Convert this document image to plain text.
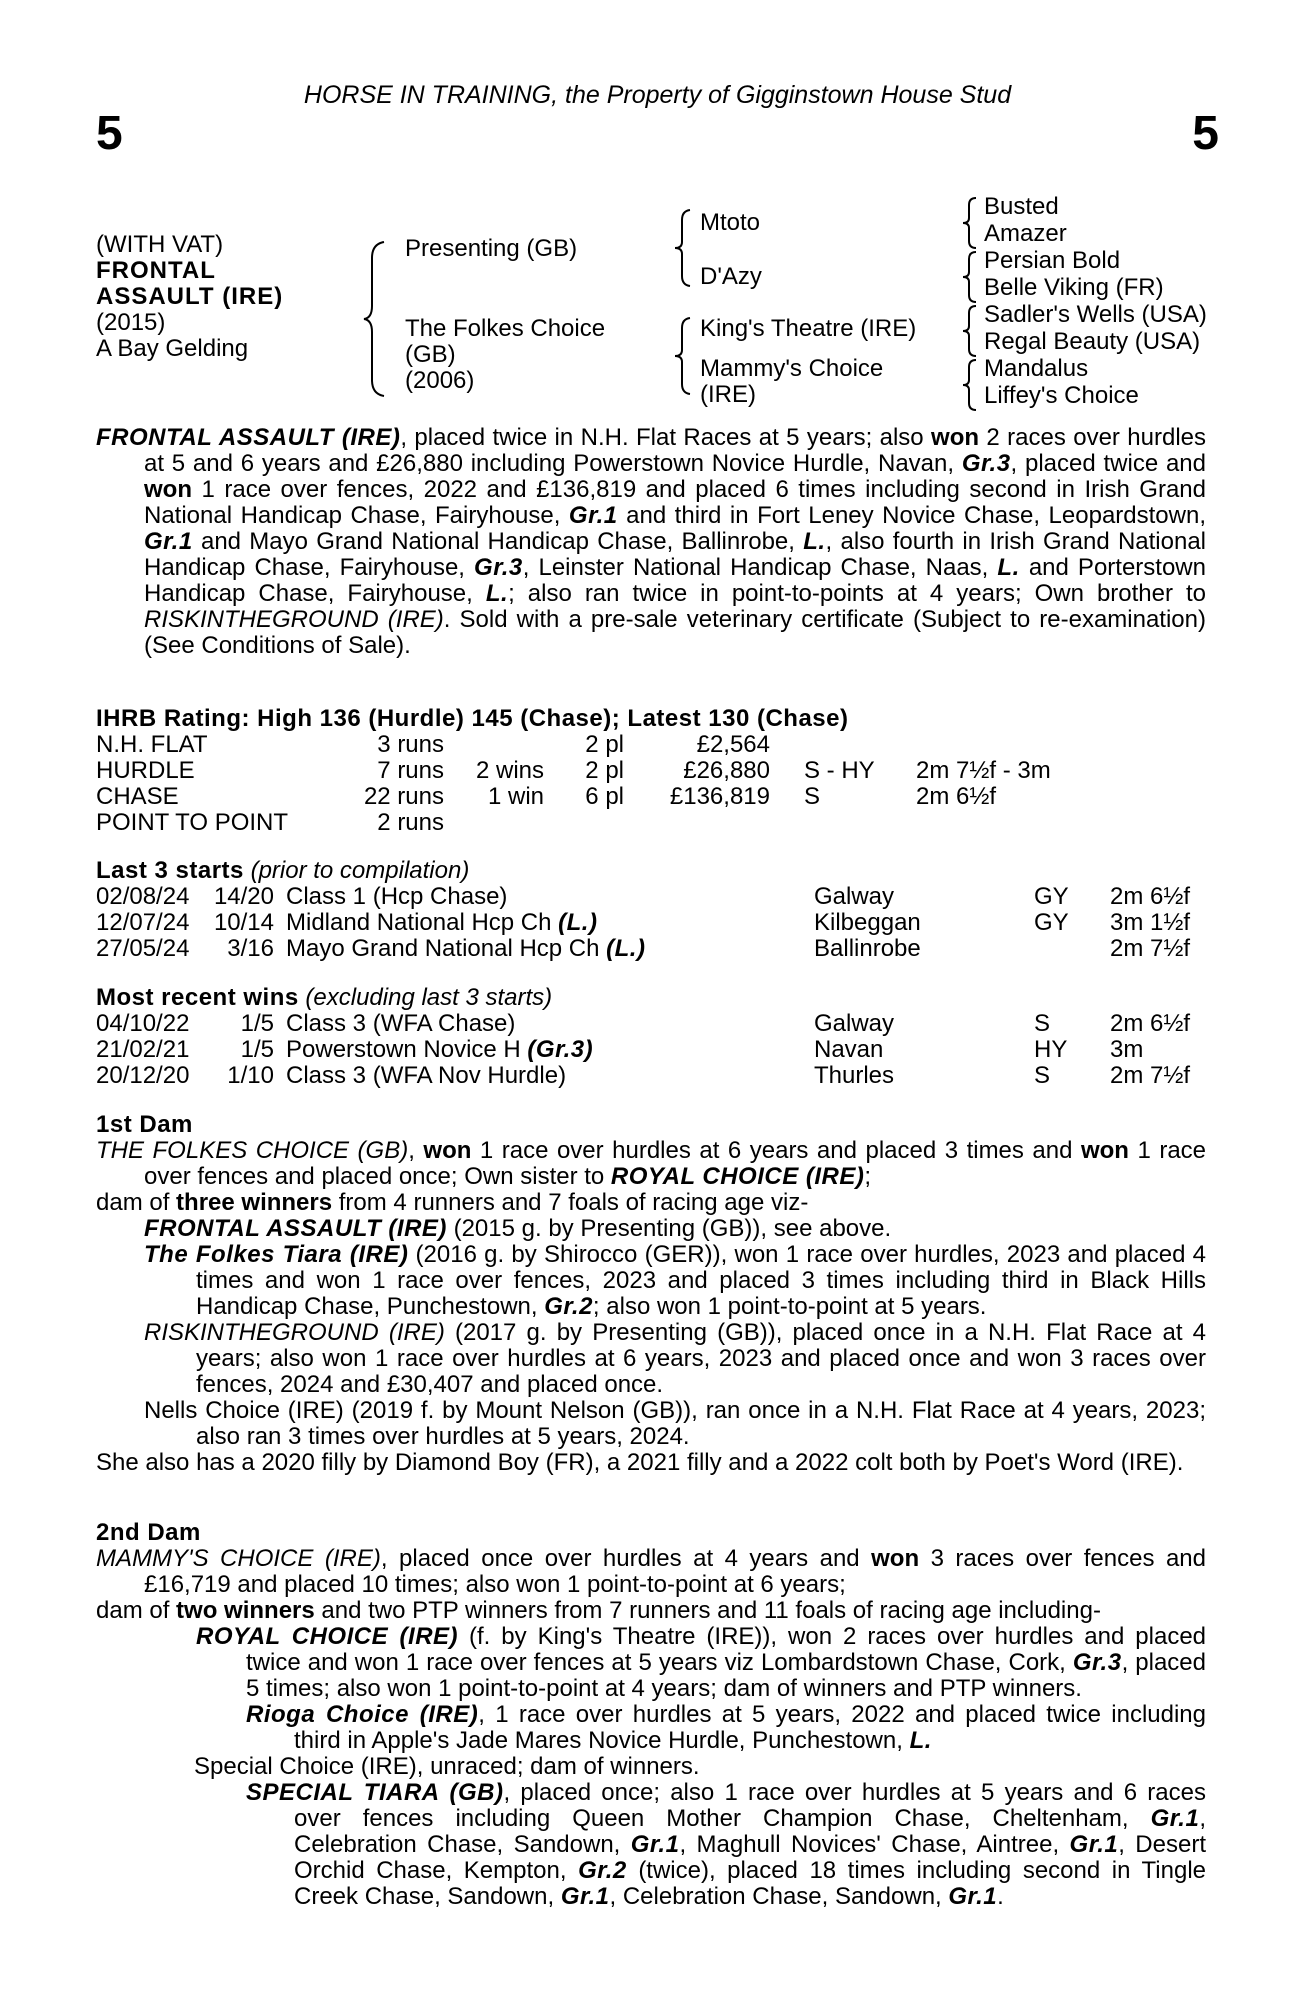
HORSE IN TRAINING, the Property of Gigginstown House Stud
5	5
(WITH VAT)
FRONTAL
ASSAULT (IRE)
(2015)
A Bay Gelding
Presenting (GB)
The Folkes Choice
(GB)
(2006)
Mtoto
D'Azy
King's Theatre (IRE)
Mammy's Choice
(IRE)
Busted
Amazer
Persian Bold
Belle Viking (FR)
Sadler's Wells (USA)
Regal Beauty (USA)
Mandalus
Liffey's Choice
FRONTAL ASSAULT (IRE), placed twice in N.H. Flat Races at 5 years; also won 2 races over hurdles at 5 and 6 years and £26,880 including Powerstown Novice Hurdle, Navan, Gr.3, placed twice and won 1 race over fences, 2022 and £136,819 and placed 6 times including second in Irish Grand National Handicap Chase, Fairyhouse, Gr.1 and third in Fort Leney Novice Chase, Leopardstown, Gr.1 and Mayo Grand National Handicap Chase, Ballinrobe, L., also fourth in Irish Grand National Handicap Chase, Fairyhouse, Gr.3, Leinster National Handicap Chase, Naas, L. and Porterstown Handicap Chase, Fairyhouse, L.; also ran twice in point-to-points at 4 years; Own brother to RISKINTHEGROUND (IRE). Sold with a pre-sale veterinary certificate (Subject to re-examination) (See Conditions of Sale).
IHRB Rating: High 136 (Hurdle) 145 (Chase); Latest 130 (Chase)
N.H. FLAT	3 runs		2 pl	£2,564		
HURDLE	7 runs	2 wins	2 pl	£26,880	S - HY	2m 7½f - 3m
CHASE	22 runs	1 win	6 pl	£136,819	S	2m 6½f
POINT TO POINT	2 runs					
Last 3 starts (prior to compilation)
02/08/24	14/20	Class 1 (Hcp Chase)	Galway	GY	2m 6½f
12/07/24	10/14	Midland National Hcp Ch (L.)	Kilbeggan	GY	3m 1½f
27/05/24	3/16	Mayo Grand National Hcp Ch (L.)	Ballinrobe		2m 7½f
Most recent wins (excluding last 3 starts)
04/10/22	1/5	Class 3 (WFA Chase)	Galway	S	2m 6½f
21/02/21	1/5	Powerstown Novice H (Gr.3)	Navan	HY	3m
20/12/20	1/10	Class 3 (WFA Nov Hurdle)	Thurles	S	2m 7½f
1st Dam
THE FOLKES CHOICE (GB), won 1 race over hurdles at 6 years and placed 3 times and won 1 race over fences and placed once; Own sister to ROYAL CHOICE (IRE);
dam of three winners from 4 runners and 7 foals of racing age viz-
FRONTAL ASSAULT (IRE) (2015 g. by Presenting (GB)), see above.
The Folkes Tiara (IRE) (2016 g. by Shirocco (GER)), won 1 race over hurdles, 2023 and placed 4 times and won 1 race over fences, 2023 and placed 3 times including third in Black Hills Handicap Chase, Punchestown, Gr.2; also won 1 point-to-point at 5 years.
RISKINTHEGROUND (IRE) (2017 g. by Presenting (GB)), placed once in a N.H. Flat Race at 4 years; also won 1 race over hurdles at 6 years, 2023 and placed once and won 3 races over fences, 2024 and £30,407 and placed once.
Nells Choice (IRE) (2019 f. by Mount Nelson (GB)), ran once in a N.H. Flat Race at 4 years, 2023; also ran 3 times over hurdles at 5 years, 2024.
She also has a 2020 filly by Diamond Boy (FR), a 2021 filly and a 2022 colt both by Poet's Word (IRE).
2nd Dam
MAMMY'S CHOICE (IRE), placed once over hurdles at 4 years and won 3 races over fences and £16,719 and placed 10 times; also won 1 point-to-point at 6 years;
dam of two winners and two PTP winners from 7 runners and 11 foals of racing age including-
ROYAL CHOICE (IRE) (f. by King's Theatre (IRE)), won 2 races over hurdles and placed twice and won 1 race over fences at 5 years viz Lombardstown Chase, Cork, Gr.3, placed 5 times; also won 1 point-to-point at 4 years; dam of winners and PTP winners.
Rioga Choice (IRE), 1 race over hurdles at 5 years, 2022 and placed twice including third in Apple's Jade Mares Novice Hurdle, Punchestown, L.
Special Choice (IRE), unraced; dam of winners.
SPECIAL TIARA (GB), placed once; also 1 race over hurdles at 5 years and 6 races over fences including Queen Mother Champion Chase, Cheltenham, Gr.1, Celebration Chase, Sandown, Gr.1, Maghull Novices' Chase, Aintree, Gr.1, Desert Orchid Chase, Kempton, Gr.2 (twice), placed 18 times including second in Tingle Creek Chase, Sandown, Gr.1, Celebration Chase, Sandown, Gr.1.
